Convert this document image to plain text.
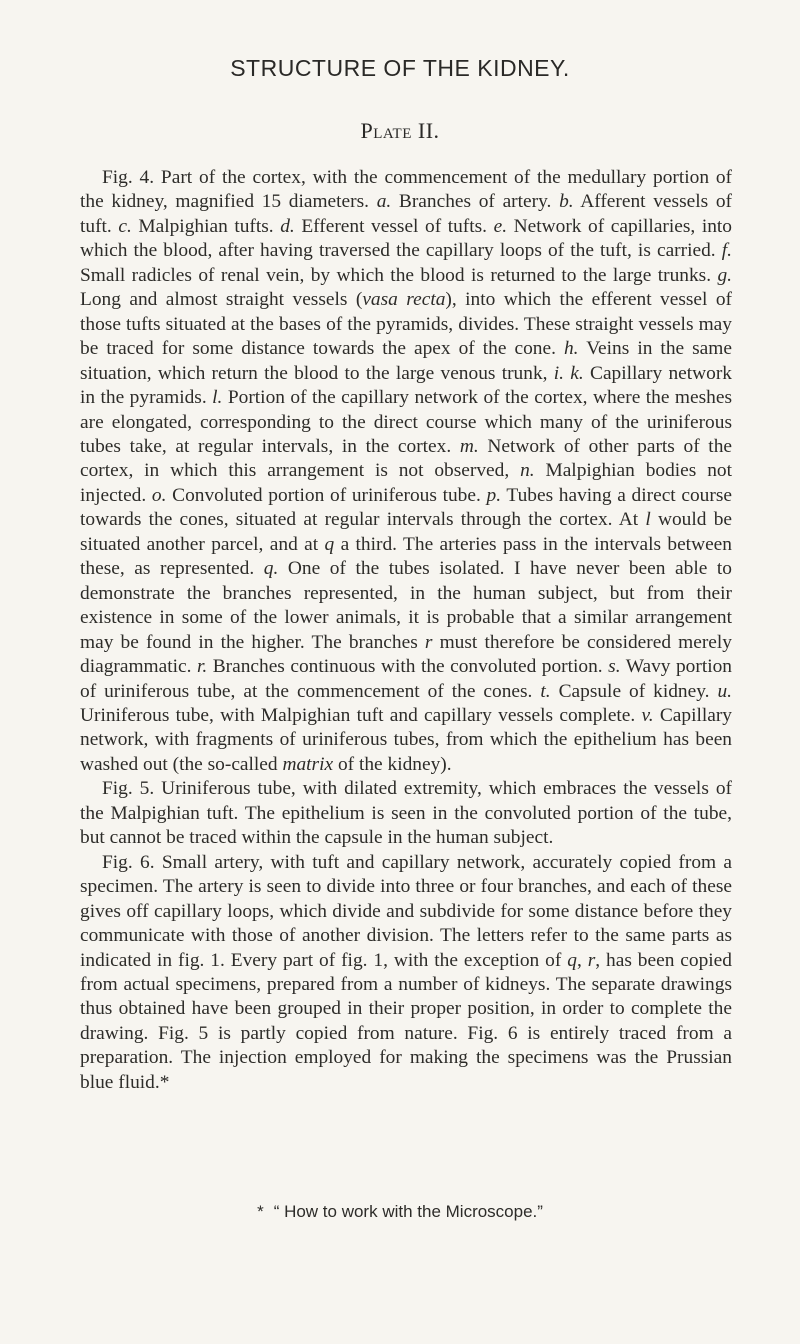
STRUCTURE OF THE KIDNEY.
Plate II.

Fig. 4. Part of the cortex, with the commencement of the medullary portion of the kidney, magnified 15 diameters. a. Branches of artery. b. Afferent vessels of tuft. c. Malpighian tufts. d. Efferent vessel of tufts. e. Network of capillaries, into which the blood, after having traversed the capillary loops of the tuft, is carried. f. Small radicles of renal vein, by which the blood is returned to the large trunks. g. Long and almost straight vessels (vasa recta), into which the efferent vessel of those tufts situated at the bases of the pyramids, divides. These straight vessels may be traced for some distance towards the apex of the cone. h. Veins in the same situation, which return the blood to the large venous trunk, i. k. Capillary network in the pyramids. l. Portion of the capillary network of the cortex, where the meshes are elongated, corresponding to the direct course which many of the uriniferous tubes take, at regular intervals, in the cortex. m. Network of other parts of the cortex, in which this arrangement is not observed, n. Malpighian bodies not injected. o. Convoluted portion of uriniferous tube. p. Tubes having a direct course towards the cones, situated at regular intervals through the cortex. At l would be situated another parcel, and at q a third. The arteries pass in the intervals between these, as represented. q. One of the tubes isolated. I have never been able to demonstrate the branches represented, in the human subject, but from their existence in some of the lower animals, it is probable that a similar arrangement may be found in the higher. The branches r must therefore be considered merely diagrammatic. r. Branches continuous with the convoluted portion. s. Wavy portion of uriniferous tube, at the commencement of the cones. t. Capsule of kidney. u. Uriniferous tube, with Malpighian tuft and capillary vessels complete. v. Capillary network, with fragments of uriniferous tubes, from which the epithelium has been washed out (the so-called matrix of the kidney).

Fig. 5. Uriniferous tube, with dilated extremity, which embraces the vessels of the Malpighian tuft. The epithelium is seen in the convoluted portion of the tube, but cannot be traced within the capsule in the human subject.

Fig. 6. Small artery, with tuft and capillary network, accurately copied from a specimen. The artery is seen to divide into three or four branches, and each of these gives off capillary loops, which divide and subdivide for some distance before they communicate with those of another division. The letters refer to the same parts as indicated in fig. 1. Every part of fig. 1, with the exception of q, r, has been copied from actual specimens, prepared from a number of kidneys. The separate drawings thus obtained have been grouped in their proper position, in order to complete the drawing. Fig. 5 is partly copied from nature. Fig. 6 is entirely traced from a preparation. The injection employed for making the specimens was the Prussian blue fluid.*

* “ How to work with the Microscope.”
